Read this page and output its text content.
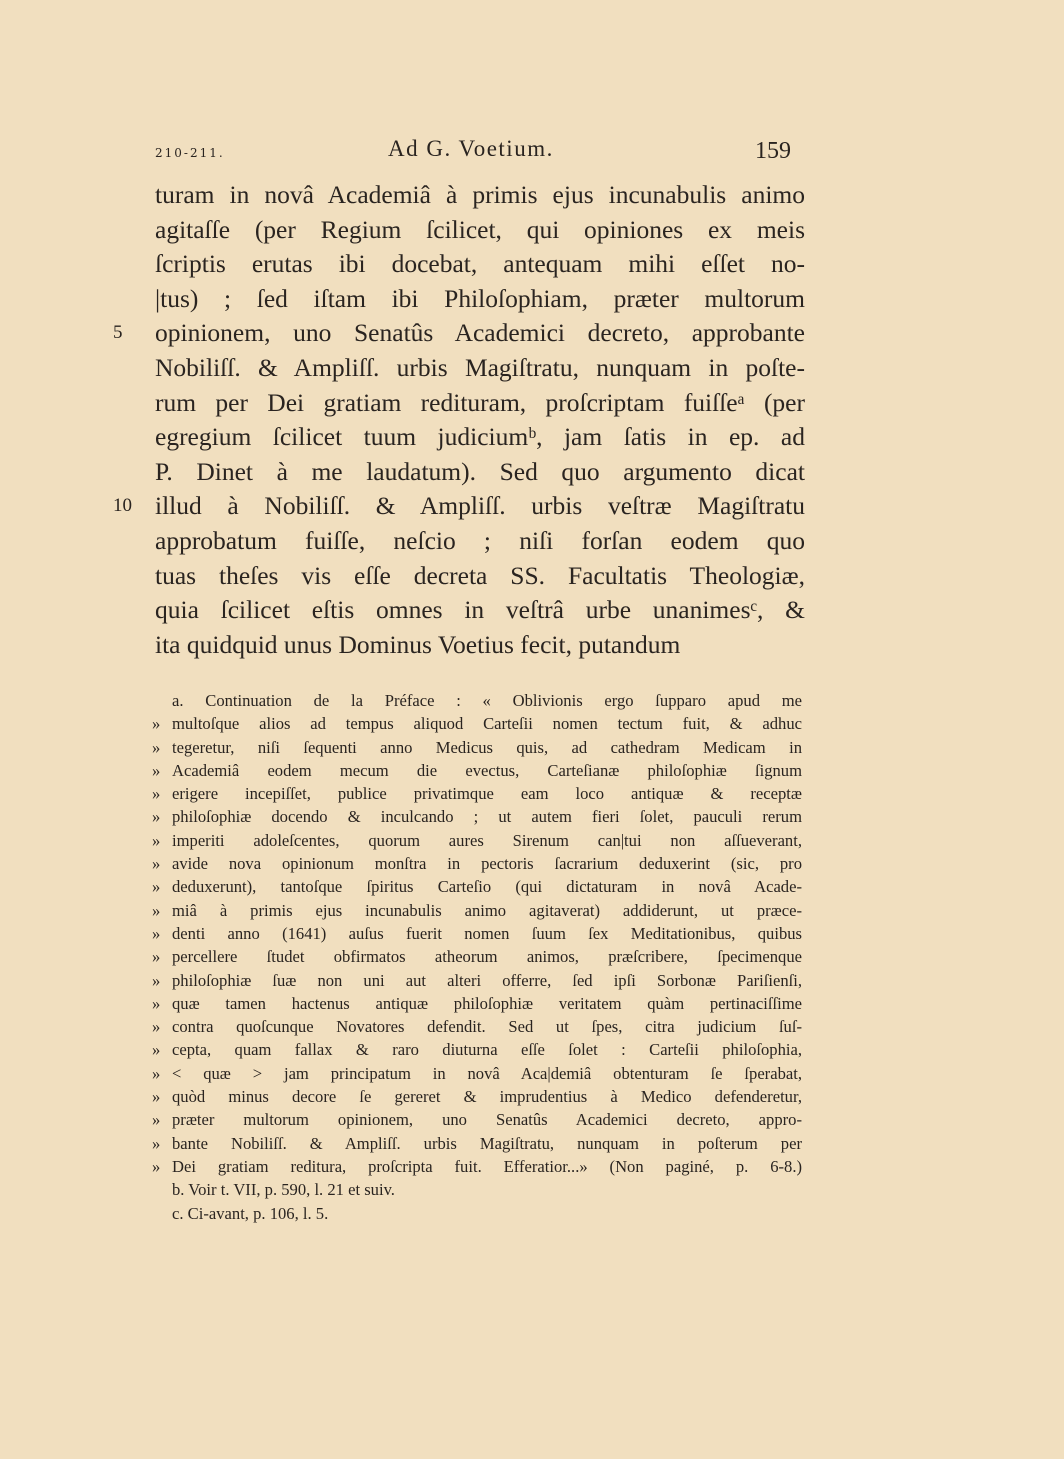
210-211.	Ad G. Voetium.	159
turam in novâ Academiâ à primis ejus incunabulis animo
agitaſſe (per Regium ſcilicet, qui opiniones ex meis
ſcriptis erutas ibi docebat, antequam mihi eſſet no-
|tus) ; ſed iſtam ibi Philoſophiam, præter multorum
5	opinionem, uno Senatûs Academici decreto, approbante
Nobiliſſ. & Ampliſſ. urbis Magiſtratu, nunquam in poſte-
rum per Dei gratiam redituram, proſcriptam fuiſſeᵃ (per
egregium ſcilicet tuum judiciumᵇ, jam ſatis in ep. ad
P. Dinet à me laudatum). Sed quo argumento dicat
10 illud à Nobiliſſ. & Ampliſſ. urbis veſtræ Magiſtratu
approbatum fuiſſe, neſcio ; niſi forſan eodem quo
tuas theſes vis eſſe decreta SS. Facultatis Theologiæ,
quia ſcilicet eſtis omnes in veſtrâ urbe unanimesᶜ, &
ita quidquid unus Dominus Voetius fecit, putandum
a. Continuation de la Préface : « Oblivionis ergo ſupparo apud me
» multoſque alios ad tempus aliquod Carteſii nomen tectum fuit, & adhuc
» tegeretur, niſi ſequenti anno Medicus quis, ad cathedram Medicam in
» Academiâ eodem mecum die evectus, Carteſianæ philoſophiæ ſignum
» erigere incepiſſet, publice privatimque eam loco antiquæ & receptæ
» philoſophiæ docendo & inculcando ; ut autem fieri ſolet, pauculi rerum
» imperiti adoleſcentes, quorum aures Sirenum can|tui non aſſueverant,
» avide nova opinionum monſtra in pectoris ſacrarium deduxerint (sic, pro
» deduxerunt), tantoſque ſpiritus Carteſio (qui dictaturam in novâ Acade-
» miâ à primis ejus incunabulis animo agitaverat) addiderunt, ut præce-
» denti anno (1641) auſus fuerit nomen ſuum ſex Meditationibus, quibus
» percellere ſtudet obfirmatos atheorum animos, præſcribere, ſpecimenque
» philoſophiæ ſuæ non uni aut alteri offerre, ſed ipſi Sorbonæ Pariſienſi,
» quæ tamen hactenus antiquæ philoſophiæ veritatem quàm pertinaciſſime
» contra quoſcunque Novatores defendit. Sed ut ſpes, citra judicium ſuſ-
» cepta, quam fallax & raro diuturna eſſe ſolet : Carteſii philoſophia,
» < quæ > jam principatum in novâ Aca|demiâ obtenturam ſe ſperabat,
» quòd minus decore ſe gereret & imprudentius à Medico defenderetur,
» præter multorum opinionem, uno Senatûs Academici decreto, appro-
» bante Nobiliſſ. & Ampliſſ. urbis Magiſtratu, nunquam in poſterum per
» Dei gratiam reditura, proſcripta fuit. Efferatior...» (Non paginé, p. 6-8.)
b. Voir t. VII, p. 590, l. 21 et suiv.
c. Ci-avant, p. 106, l. 5.
